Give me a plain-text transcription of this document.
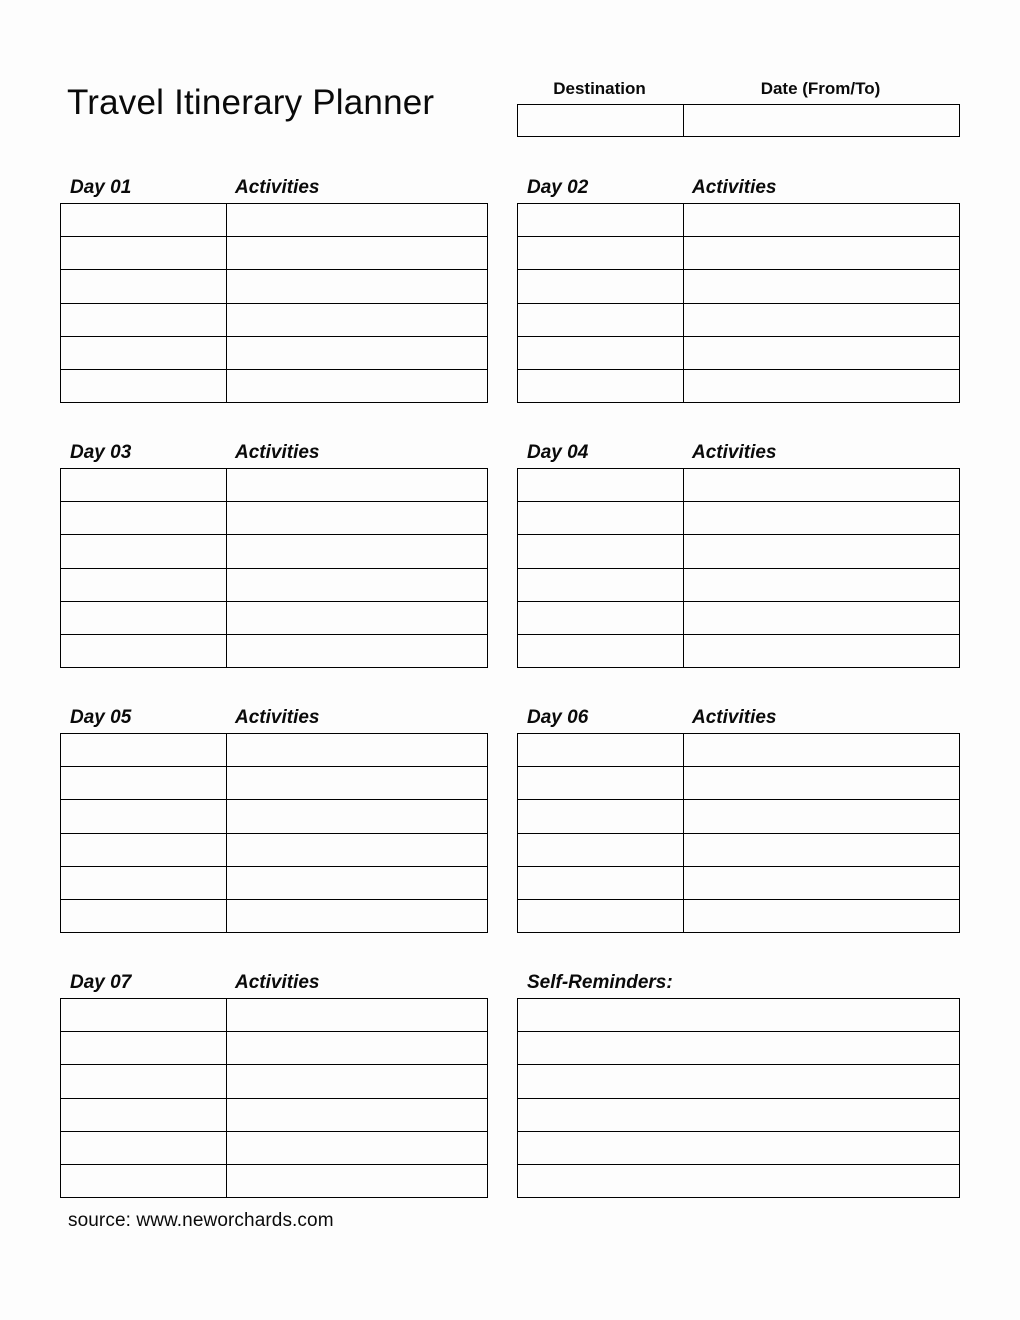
Travel Itinerary Planner	Destination	Date (From/To)
Day 01	Activities	Day 02	Activities
Day 03	Activities	Day 04	Activities
Day 05	Activities	Day 06	Activities
Day 07	Activities	Self-Reminders:
source: www.neworchards.com
